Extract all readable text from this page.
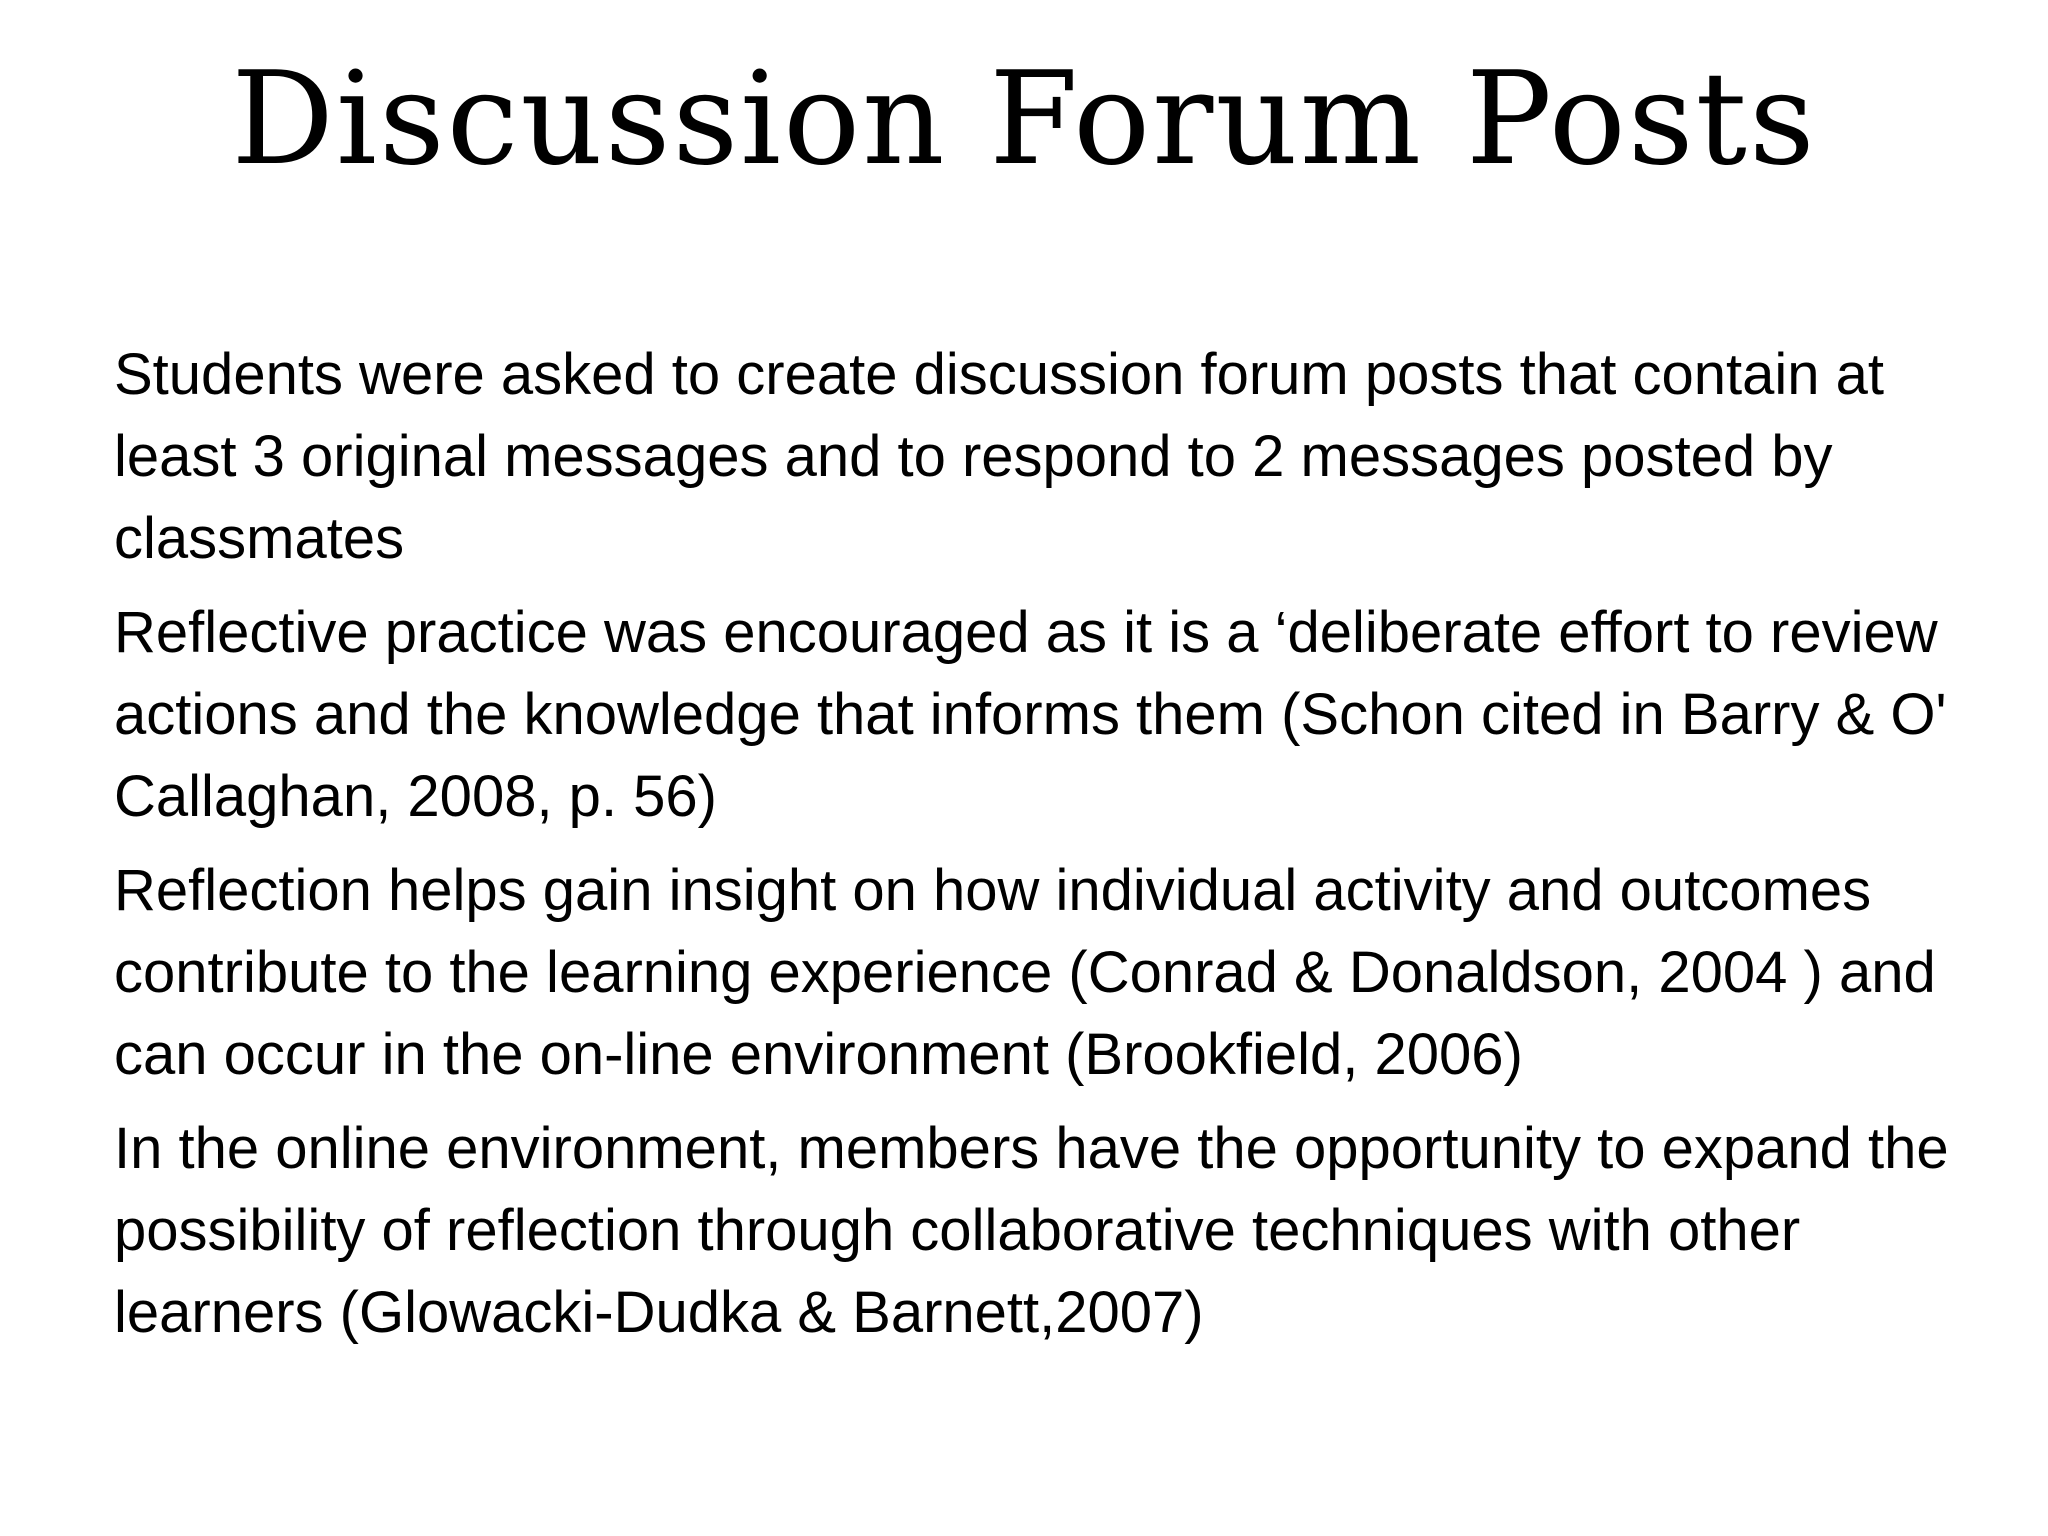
Discussion Forum Posts
Students were asked to create discussion forum posts that contain at least 3 original messages and to respond to 2 messages posted by classmates
Reflective practice was encouraged as it is a ‘deliberate effort to review actions and the knowledge that informs them (Schon cited in Barry & O' Callaghan, 2008, p. 56)
Reflection helps gain insight on how individual activity and outcomes contribute to the learning experience (Conrad & Donaldson, 2004 ) and can occur in the on-line environment (Brookfield, 2006)
In the online environment, members have the opportunity to expand the possibility of reflection through collaborative techniques with other learners (Glowacki-Dudka & Barnett,2007)
